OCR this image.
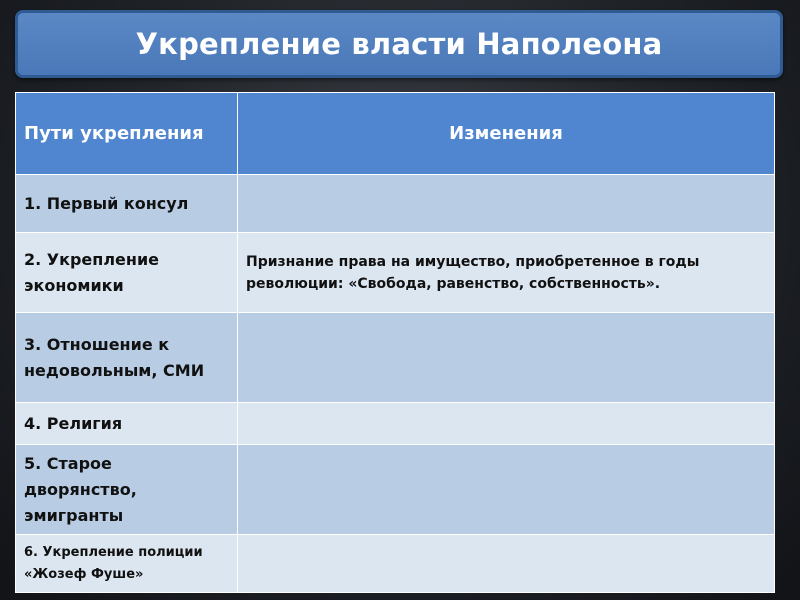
Укрепление власти Наполеона
Пути укрепления	Изменения
1. Первый консул	
2. Укрепление экономики	Признание права на имущество, приобретенное в годы революции: «Свобода, равенство, собственность».
3. Отношение к недовольным, СМИ	
4. Религия	
5. Старое дворянство, эмигранты	
6. Укрепление полиции «Жозеф Фуше»	
